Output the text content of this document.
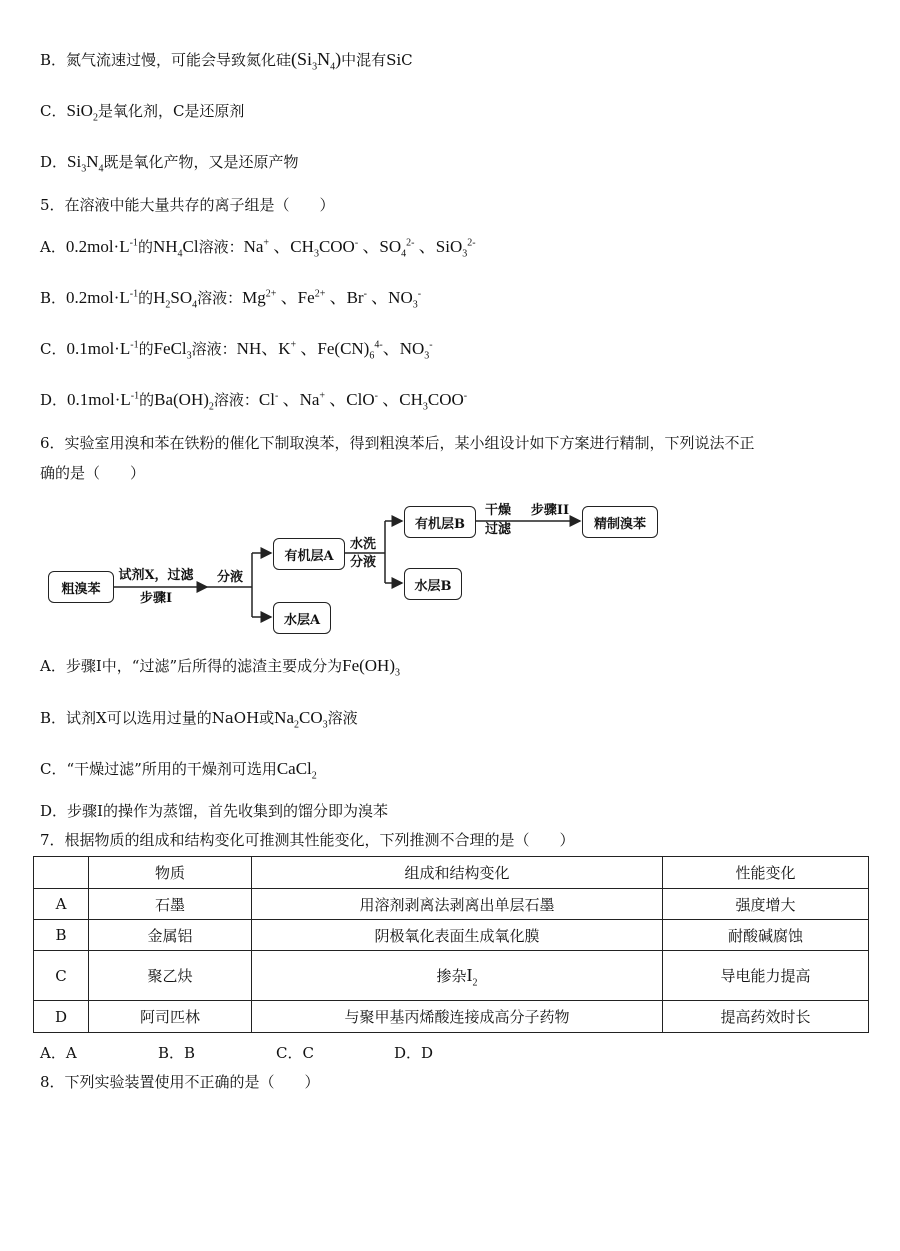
B．氮气流速过慢，可能会导致氮化硅$(Si_3N_4)$中混有SiC
C．SiO$_2$是氧化剂，C是还原剂
D．$Si_3N_4$既是氧化产物，又是还原产物
5．在溶液中能大量共存的离子组是（　　）
A．$0.2mol\cdot L^{-1}$的$NH_4Cl$溶液：Na+ 、$CH_3COO^-$ 、$SO_4^{2-}$ 、SiO$_3^{2-}$
B．$0.2mol\cdot L^{-1}$的$H_2SO_4$溶液：$Mg^{2+}$ 、$Fe^{2+}$ 、Br- 、$NO_3^-$
C．$0.1mol\cdot L^{-1}$的FeCl$_3$溶液：NH、K+ 、$Fe(CN)_6^{4-}$、$NO_3^-$
D．$0.1mol\cdot L^{-1}$的$Ba(OH)_2$溶液：Cl- 、Na+ 、ClO- 、$CH_3COO^-$
6．实验室用溴和苯在铁粉的催化下制取溴苯，得到粗溴苯后，某小组设计如下方案进行精制，下列说法不正
确的是（　　）
粗溴苯
试剂X，过滤
步骤I
分液
有机层A
水层A
水洗
分液
有机层B
水层B
干燥
过滤
步骤II
精制溴苯
A．步骤I中，“过滤”后所得的滤渣主要成分为$Fe(OH)_3$
B．试剂X可以选用过量的NaOH或$Na_2CO_3$溶液
C．“干燥过滤”所用的干燥剂可选用CaCl$_2$
D．步骤I的操作为蒸馏，首先收集到的馏分即为溴苯
7．根据物质的组成和结构变化可推测其性能变化，下列推测不合理的是（　　）
	物质	组成和结构变化	性能变化
A	石墨	用溶剂剥离法剥离出单层石墨	强度增大
B	金属铝	阴极氧化表面生成氧化膜	耐酸碱腐蚀
C	聚乙炔	掺杂$I_2$	导电能力提高
D	阿司匹林	与聚甲基丙烯酸连接成高分子药物	提高药效时长
A．A	B．B	C．C	D．D
8．下列实验装置使用不正确的是（　　）
